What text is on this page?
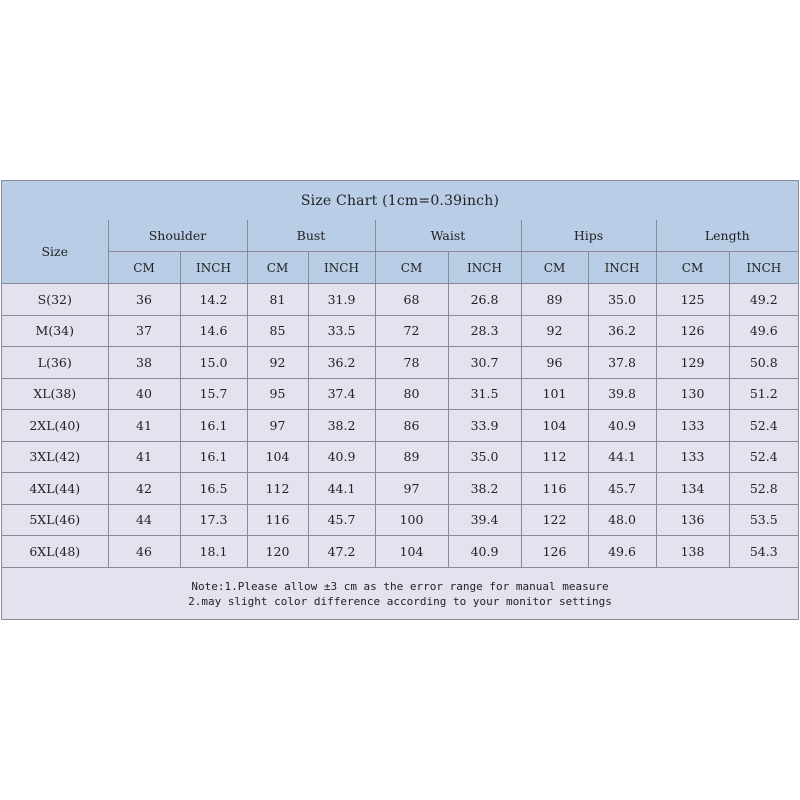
Size Chart (1cm=0.39inch)
Size	Shoulder		Bust		Waist		Hips		Length	
	CM	INCH	CM	INCH	CM	INCH	CM	INCH	CM	INCH
S(32)	36	14.2	81	31.9	68	26.8	89	35.0	125	49.2
M(34)	37	14.6	85	33.5	72	28.3	92	36.2	126	49.6
L(36)	38	15.0	92	36.2	78	30.7	96	37.8	129	50.8
XL(38)	40	15.7	95	37.4	80	31.5	101	39.8	130	51.2
2XL(40)	41	16.1	97	38.2	86	33.9	104	40.9	133	52.4
3XL(42)	41	16.1	104	40.9	89	35.0	112	44.1	133	52.4
4XL(44)	42	16.5	112	44.1	97	38.2	116	45.7	134	52.8
5XL(46)	44	17.3	116	45.7	100	39.4	122	48.0	136	53.5
6XL(48)	46	18.1	120	47.2	104	40.9	126	49.6	138	54.3
Note:1.Please allow ±3 cm as the error range for manual measure
2.may slight color difference according to your monitor settings
